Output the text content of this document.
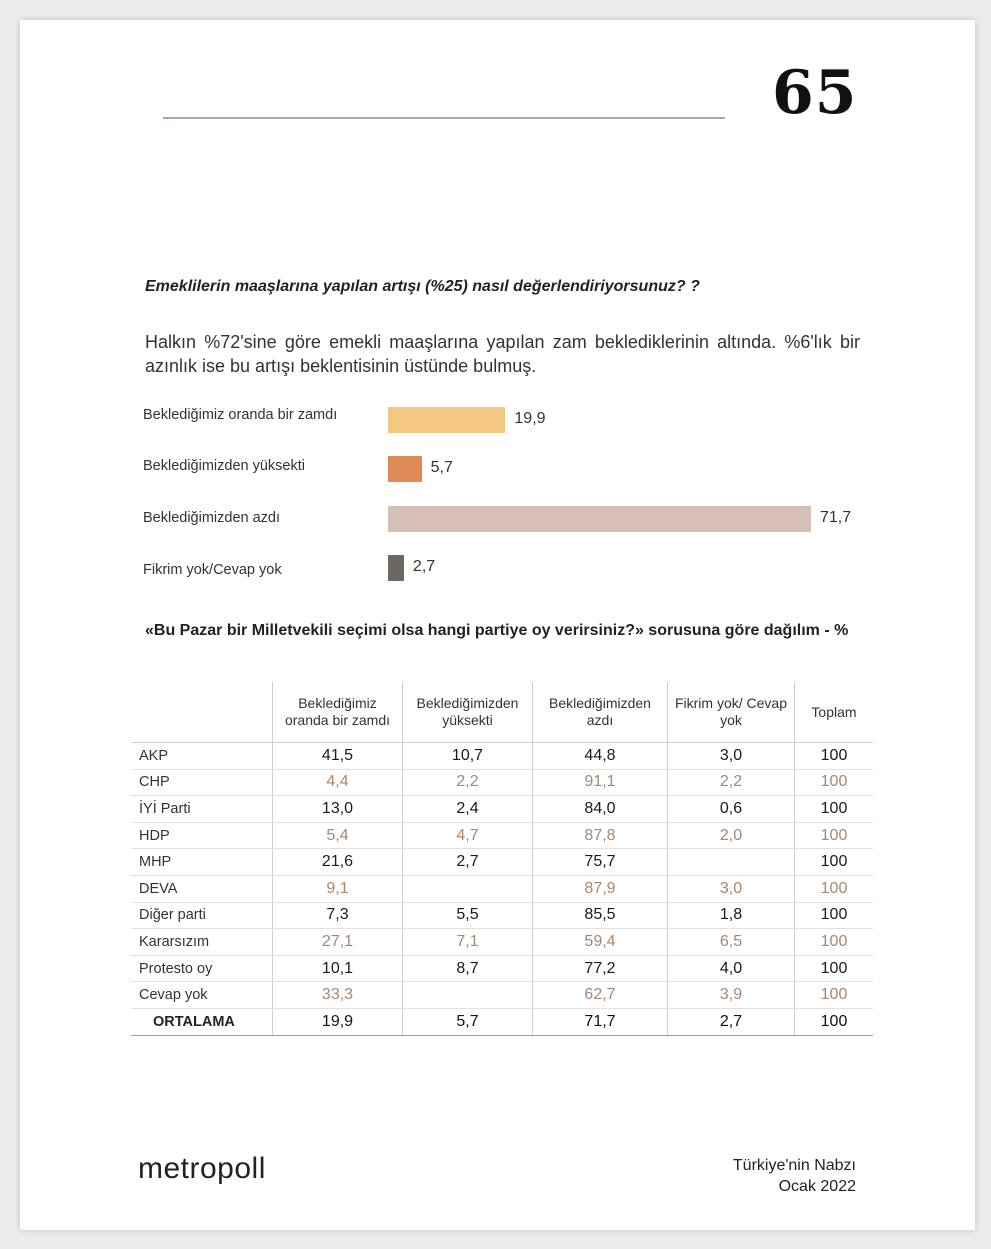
65
Emeklilerin maaşlarına yapılan artışı (%25) nasıl değerlendiriyorsunuz? ?
Halkın %72'sine göre emekli maaşlarına yapılan zam beklediklerinin altında. %6'lık bir azınlık ise bu artışı beklentisinin üstünde bulmuş.
Beklediğimiz oranda bir zamdı	19,9
Beklediğimizden yüksekti	5,7
Beklediğimizden azdı	71,7
Fikrim yok/Cevap yok	2,7
«Bu Pazar bir Milletvekili seçimi olsa hangi partiye oy verirsiniz?» sorusuna göre dağılım - %
	Beklediğimiz oranda bir zamdı	Beklediğimizden yüksekti	Beklediğimizden azdı	Fikrim yok/ Cevap yok	Toplam
AKP	41,5	10,7	44,8	3,0	100
CHP	4,4	2,2	91,1	2,2	100
İYİ Parti	13,0	2,4	84,0	0,6	100
HDP	5,4	4,7	87,8	2,0	100
MHP	21,6	2,7	75,7		100
DEVA	9,1		87,9	3,0	100
Diğer parti	7,3	5,5	85,5	1,8	100
Kararsızım	27,1	7,1	59,4	6,5	100
Protesto oy	10,1	8,7	77,2	4,0	100
Cevap yok	33,3		62,7	3,9	100
ORTALAMA	19,9	5,7	71,7	2,7	100
metropoll	Türkiye'nin Nabzı
Ocak 2022
